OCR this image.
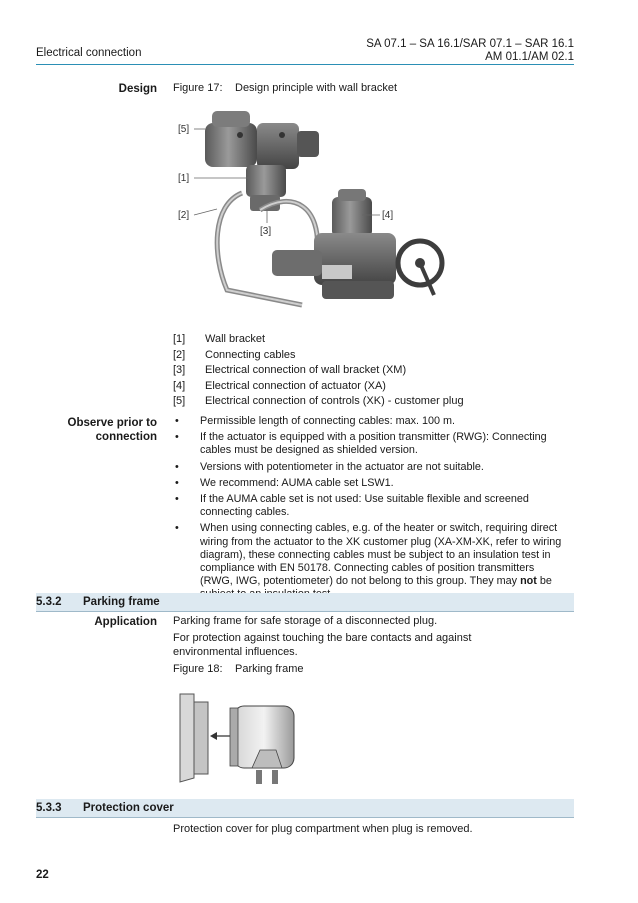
Electrical connection
SA 07.1 – SA 16.1/SAR 07.1 – SAR 16.1
AM 01.1/AM 02.1
Design Figure 17: Design principle with wall bracket
[5]
[1]
[2]
[3]
[4]
[1]	Wall bracket
[2]	Connecting cables
[3]	Electrical connection of wall bracket (XM)
[4]	Electrical connection of actuator (XA)
[5]	Electrical connection of controls (XK) - customer plug
Observe prior to
connection
•	Permissible length of connecting cables: max. 100 m.
•	If the actuator is equipped with a position transmitter (RWG): Connecting cables must be designed as shielded version.
•	Versions with potentiometer in the actuator are not suitable.
•	We recommend: AUMA cable set LSW1.
•	If the AUMA cable set is not used: Use suitable flexible and screened connecting cables.
•	When using connecting cables, e.g. of the heater or switch, requiring direct wiring from the actuator to the XK customer plug (XA-XM-XK, refer to wiring diagram), these connecting cables must be subject to an insulation test in compliance with EN 50178. Connecting cables of position transmitters (RWG, IWG, potentiometer) do not belong to this group. They may not be
5.3.2 Parking frame
Application Parking frame for safe storage of a disconnected plug.
For protection against touching the bare contacts and against environmental influences.
Figure 18: Parking frame
5.3.3 Protection cover
Protection cover for plug compartment when plug is removed.
22
